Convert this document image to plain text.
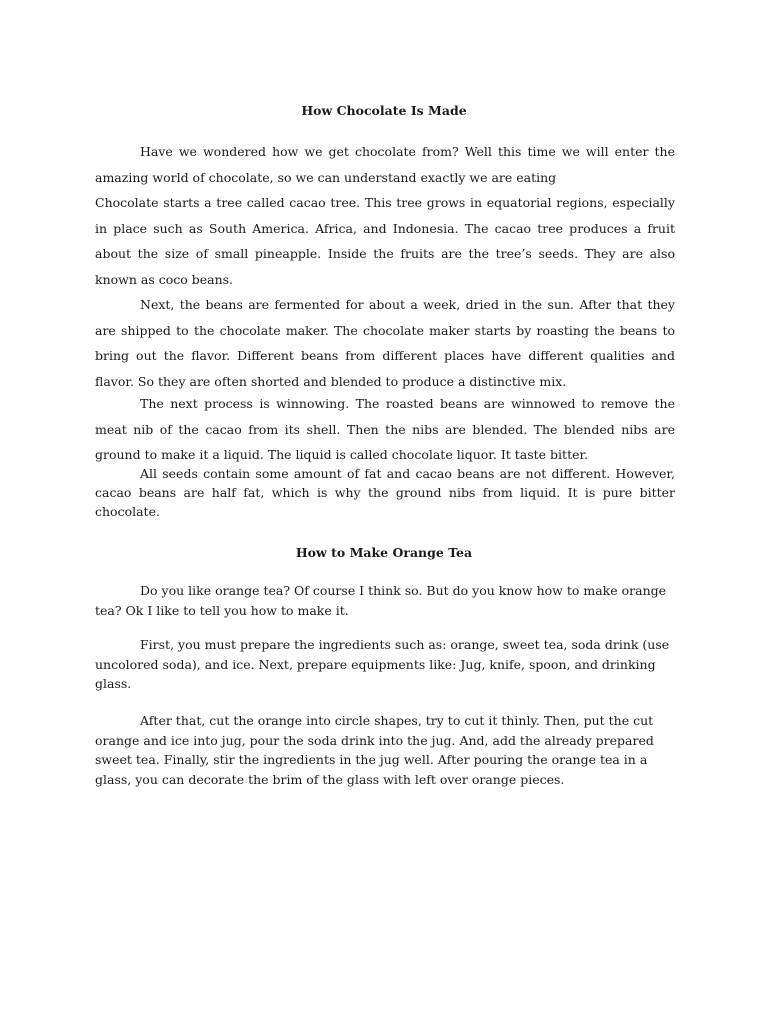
How Chocolate Is Made

Have we wondered how we get chocolate from? Well this time we will enter the amazing world of chocolate, so we can understand exactly we are eating

Chocolate starts a tree called cacao tree. This tree grows in equatorial regions, especially in place such as South America. Africa, and Indonesia. The cacao tree produces a fruit about the size of small pineapple. Inside the fruits are the tree’s seeds. They are also known as coco beans.

Next, the beans are fermented for about a week, dried in the sun. After that they are shipped to the chocolate maker. The chocolate maker starts by roasting the beans to bring out the flavor. Different beans from different places have different qualities and flavor. So they are often shorted and blended to produce a distinctive mix.

The next process is winnowing. The roasted beans are winnowed to remove the meat nib of the cacao from its shell. Then the nibs are blended. The blended nibs are ground to make it a liquid. The liquid is called chocolate liquor. It taste bitter.

All seeds contain some amount of fat and cacao beans are not different. However, cacao beans are half fat, which is why the ground nibs from liquid. It is pure bitter chocolate.

How to Make Orange Tea

Do you like orange tea? Of course I think so. But do you know how to make orange tea? Ok I like to tell you how to make it.

First, you must prepare the ingredients such as: orange, sweet tea, soda drink (use uncolored soda), and ice. Next, prepare equipments like: Jug, knife, spoon, and drinking glass.

After that, cut the orange into circle shapes, try to cut it thinly. Then, put the cut orange and ice into jug, pour the soda drink into the jug. And, add the already prepared sweet tea. Finally, stir the ingredients in the jug well. After pouring the orange tea in a glass, you can decorate the brim of the glass with left over orange pieces.
